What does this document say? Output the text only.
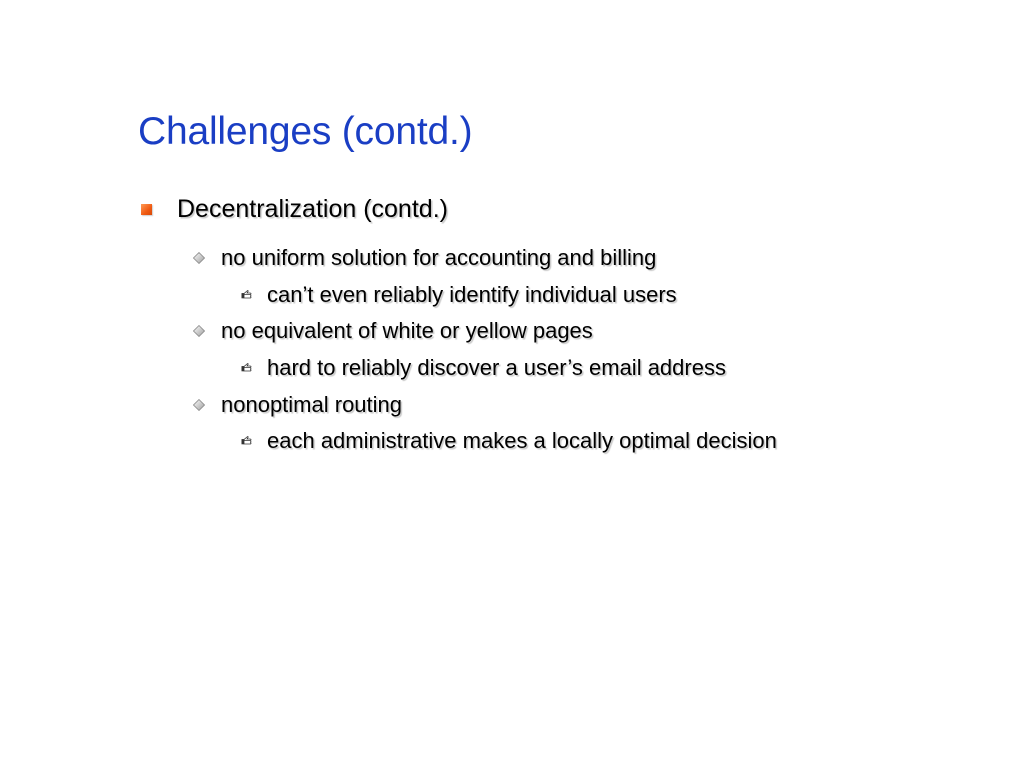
Challenges (contd.)
Decentralization (contd.)
no uniform solution for accounting and billing
can’t even reliably identify individual users
no equivalent of white or yellow pages
hard to reliably discover a user’s email address
nonoptimal routing
each administrative makes a locally optimal decision
